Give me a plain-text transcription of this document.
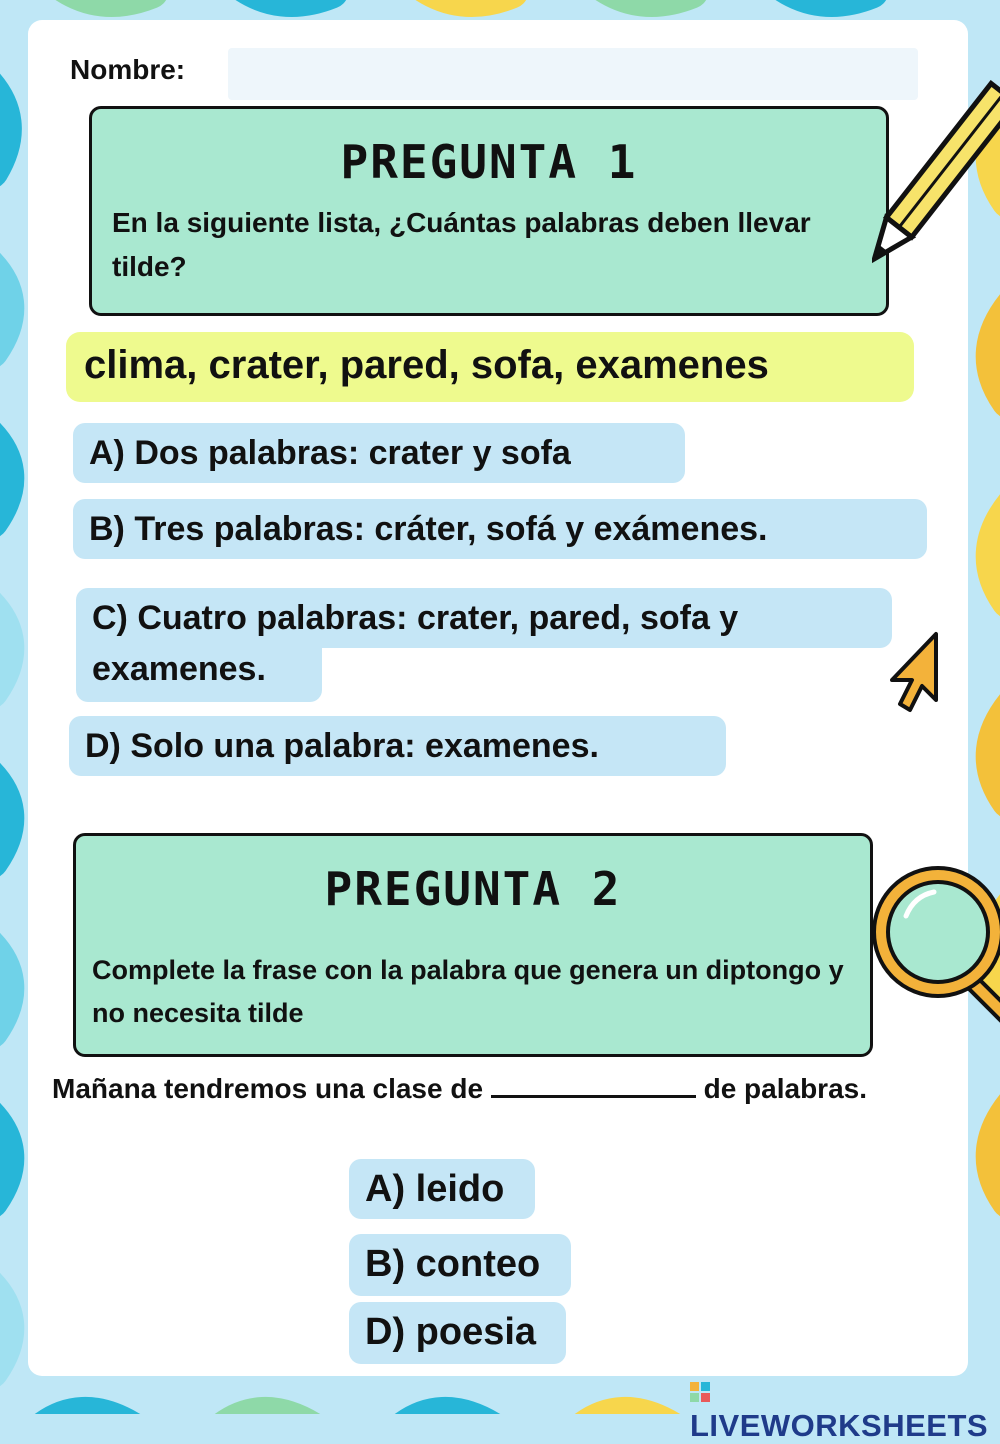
Nombre:
PREGUNTA 1
En la siguiente lista, ¿Cuántas palabras deben llevar tilde?
clima, crater, pared, sofa, examenes
A) Dos palabras: crater y sofa
B) Tres palabras: cráter, sofá y exámenes.
C) Cuatro palabras: crater, pared, sofa y
examenes.
D) Solo una palabra: examenes.
PREGUNTA 2
Complete la frase con la palabra que genera un diptongo y no necesita tilde
Mañana tendremos una clase de	de palabras.
A) leido
B) conteo
D) poesia
LIVEWORKSHEETS
